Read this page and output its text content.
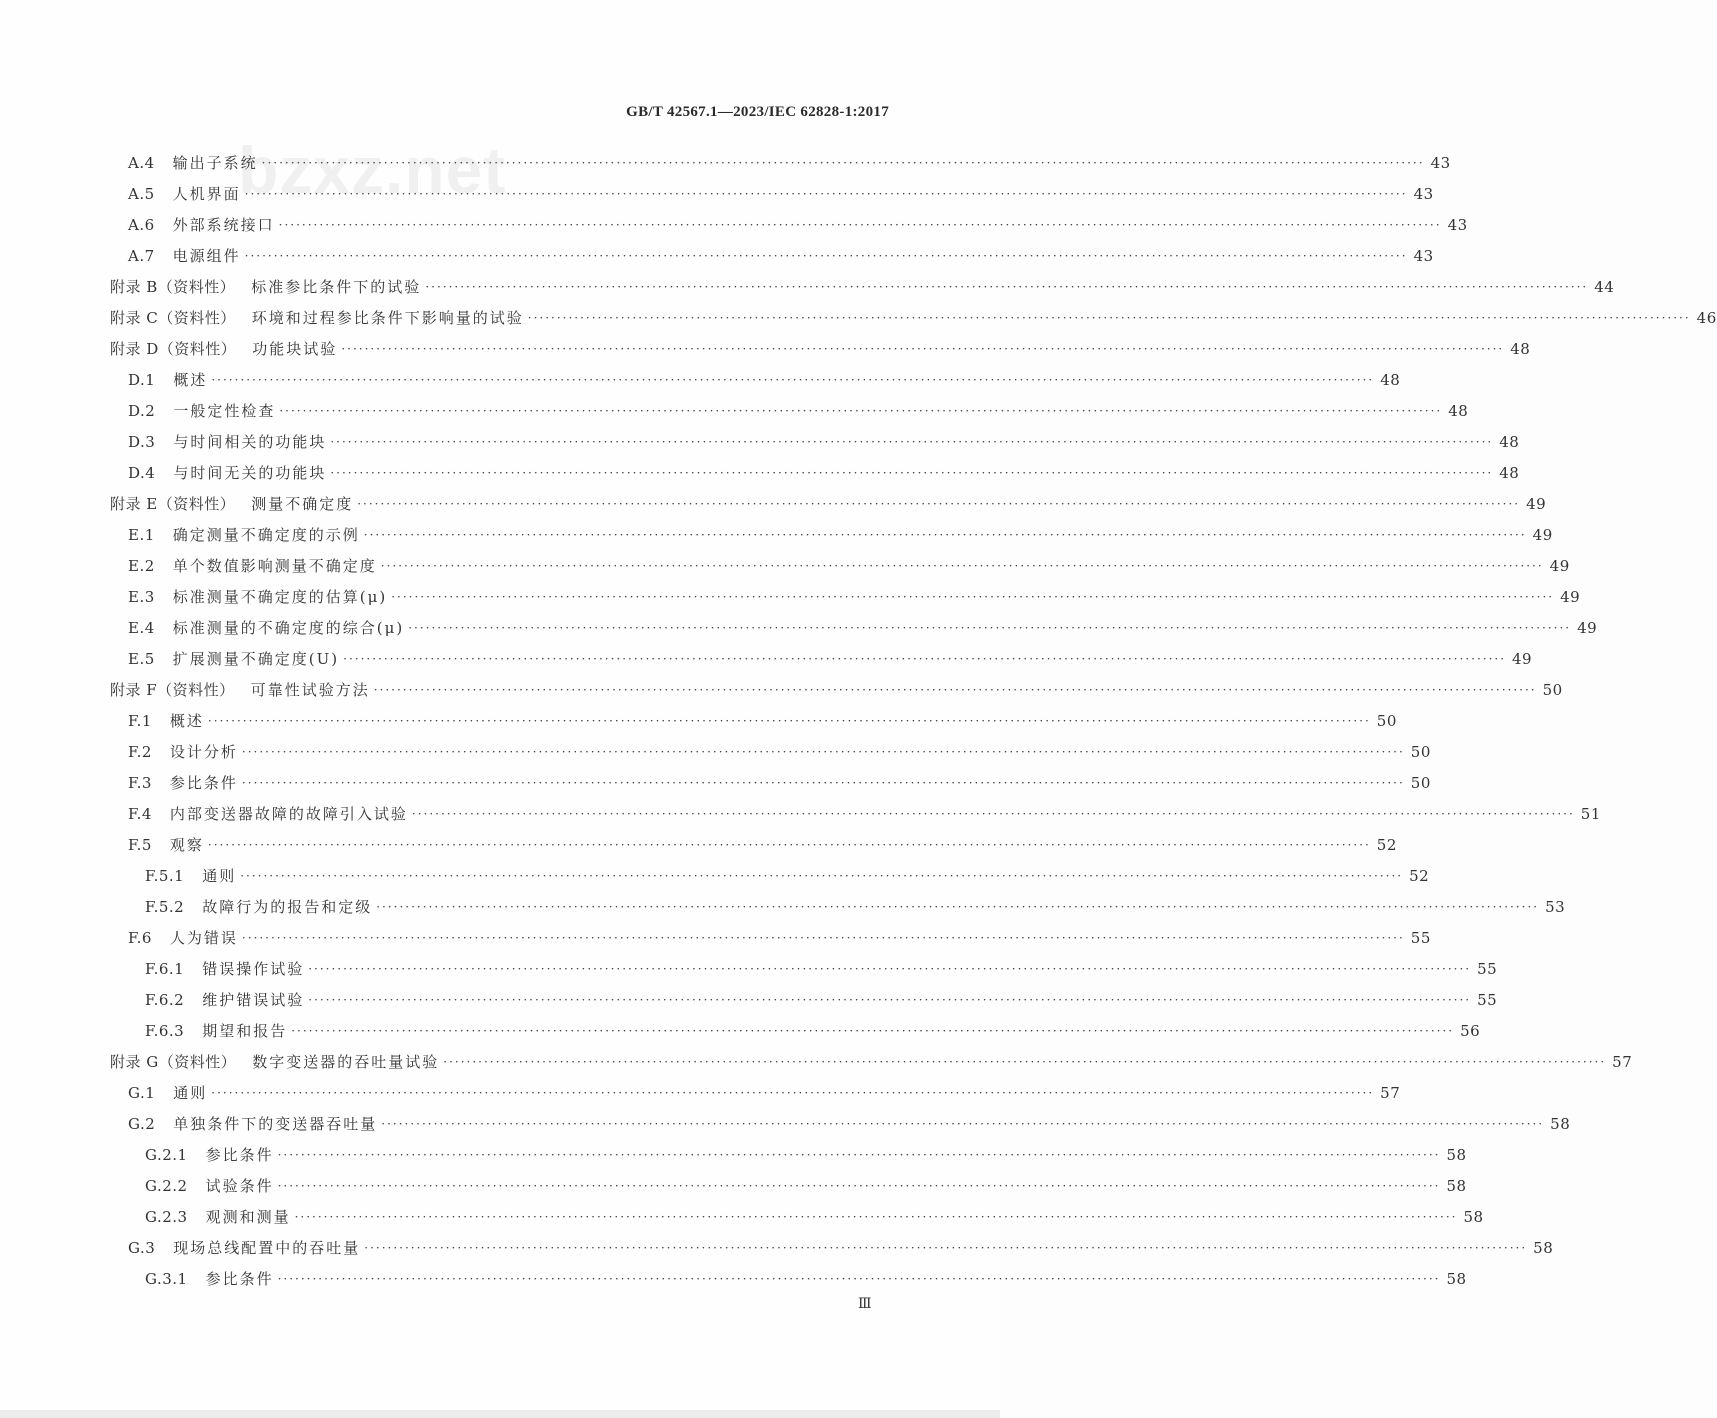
bzxz.net
GB/T 42567.1—2023/IEC 62828-1:2017
A.4 输出子系统 ········································································································································································································ 43
A.5 人机界面 ········································································································································································································ 43
A.6 外部系统接口 ········································································································································································································ 43
A.7 电源组件 ········································································································································································································ 43
附录 B（资料性） 标准参比条件下的试验 ········································································································································································································ 44
附录 C（资料性） 环境和过程参比条件下影响量的试验 ········································································································································································································ 46
附录 D（资料性） 功能块试验 ········································································································································································································ 48
D.1 概述 ········································································································································································································ 48
D.2 一般定性检查 ········································································································································································································ 48
D.3 与时间相关的功能块 ········································································································································································································ 48
D.4 与时间无关的功能块 ········································································································································································································ 48
附录 E（资料性） 测量不确定度 ········································································································································································································ 49
E.1 确定测量不确定度的示例 ········································································································································································································ 49
E.2 单个数值影响测量不确定度 ········································································································································································································ 49
E.3 标准测量不确定度的估算(μ) ········································································································································································································ 49
E.4 标准测量的不确定度的综合(μ) ········································································································································································································ 49
E.5 扩展测量不确定度(U) ········································································································································································································ 49
附录 F（资料性） 可靠性试验方法 ········································································································································································································ 50
F.1 概述 ········································································································································································································ 50
F.2 设计分析 ········································································································································································································ 50
F.3 参比条件 ········································································································································································································ 50
F.4 内部变送器故障的故障引入试验 ········································································································································································································ 51
F.5 观察 ········································································································································································································ 52
F.5.1 通则 ········································································································································································································ 52
F.5.2 故障行为的报告和定级 ········································································································································································································ 53
F.6 人为错误 ········································································································································································································ 55
F.6.1 错误操作试验 ········································································································································································································ 55
F.6.2 维护错误试验 ········································································································································································································ 55
F.6.3 期望和报告 ········································································································································································································ 56
附录 G（资料性） 数字变送器的吞吐量试验 ········································································································································································································ 57
G.1 通则 ········································································································································································································ 57
G.2 单独条件下的变送器吞吐量 ········································································································································································································ 58
G.2.1 参比条件 ········································································································································································································ 58
G.2.2 试验条件 ········································································································································································································ 58
G.2.3 观测和测量 ········································································································································································································ 58
G.3 现场总线配置中的吞吐量 ········································································································································································································ 58
G.3.1 参比条件 ········································································································································································································ 58
Ⅲ
